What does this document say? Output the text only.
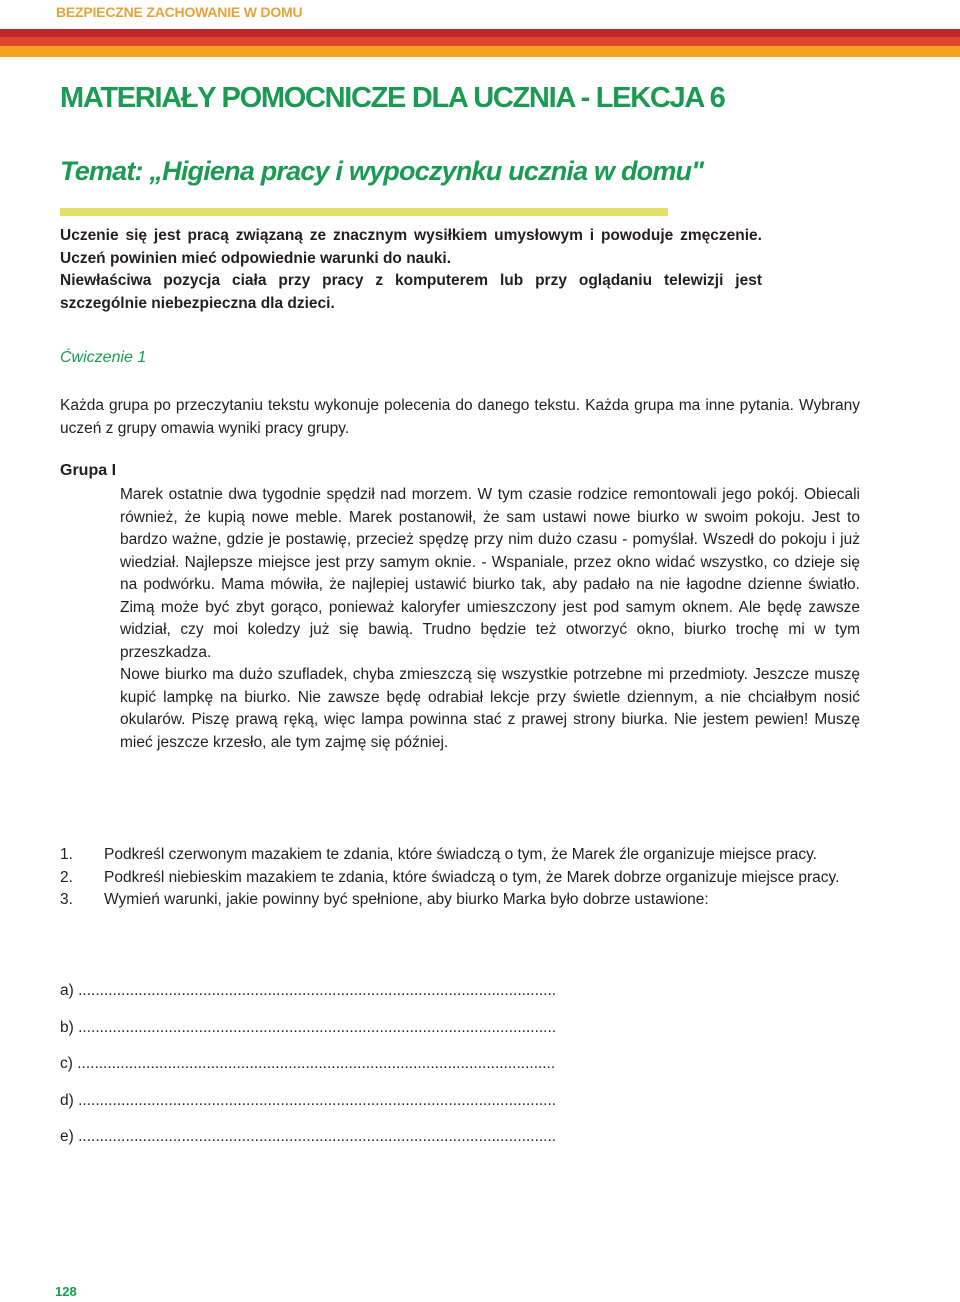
BEZPIECZNE ZACHOWANIE W DOMU
MATERIAŁY POMOCNICZE DLA UCZNIA - LEKCJA 6
Temat: „Higiena pracy i wypoczynku ucznia w domu"

Uczenie się jest pracą związaną ze znacznym wysiłkiem umysłowym i powoduje zmęczenie. Uczeń powinien mieć odpowiednie warunki do nauki.

Niewłaściwa pozycja ciała przy pracy z komputerem lub przy oglądaniu telewizji jest szczególnie niebezpieczna dla dzieci.

Ćwiczenie 1
Każda grupa po przeczytaniu tekstu wykonuje polecenia do danego tekstu. Każda grupa ma inne pytania. Wybrany uczeń z grupy omawia wyniki pracy grupy.
Grupa I

Marek ostatnie dwa tygodnie spędził nad morzem. W tym czasie rodzice remontowali jego pokój. Obiecali również, że kupią nowe meble. Marek postanowił, że sam ustawi nowe biurko w swoim pokoju. Jest to bardzo ważne, gdzie je postawię, przecież spędzę przy nim dużo czasu - pomyślał. Wszedł do pokoju i już wiedział. Najlepsze miejsce jest przy samym oknie. - Wspaniale, przez okno widać wszystko, co dzieje się na podwórku. Mama mówiła, że najlepiej ustawić biurko tak, aby padało na nie łagodne dzienne światło. Zimą może być zbyt gorąco, ponieważ kaloryfer umieszczony jest pod samym oknem. Ale będę zawsze widział, czy moi koledzy już się bawią. Trudno będzie też otworzyć okno, biurko trochę mi w tym przeszkadza.

Nowe biurko ma dużo szufladek, chyba zmieszczą się wszystkie potrzebne mi przedmioty. Jeszcze muszę kupić lampkę na biurko. Nie zawsze będę odrabiał lekcje przy świetle dziennym, a nie chciałbym nosić okularów. Piszę prawą ręką, więc lampa powinna stać z prawej strony biurka. Nie jestem pewien! Muszę mieć jeszcze krzesło, ale tym zajmę się później.

1.	Podkreśl czerwonym mazakiem te zdania, które świadczą o tym, że Marek źle organizuje miejsce pracy.
2.	Podkreśl niebieskim mazakiem te zdania, które świadczą o tym, że Marek dobrze organizuje miejsce pracy.
3.	Wymień warunki, jakie powinny być spełnione, aby biurko Marka było dobrze ustawione:
a) ...............................................................................................................
b) ...............................................................................................................
c) ...............................................................................................................
d) ...............................................................................................................
e) ...............................................................................................................
128
